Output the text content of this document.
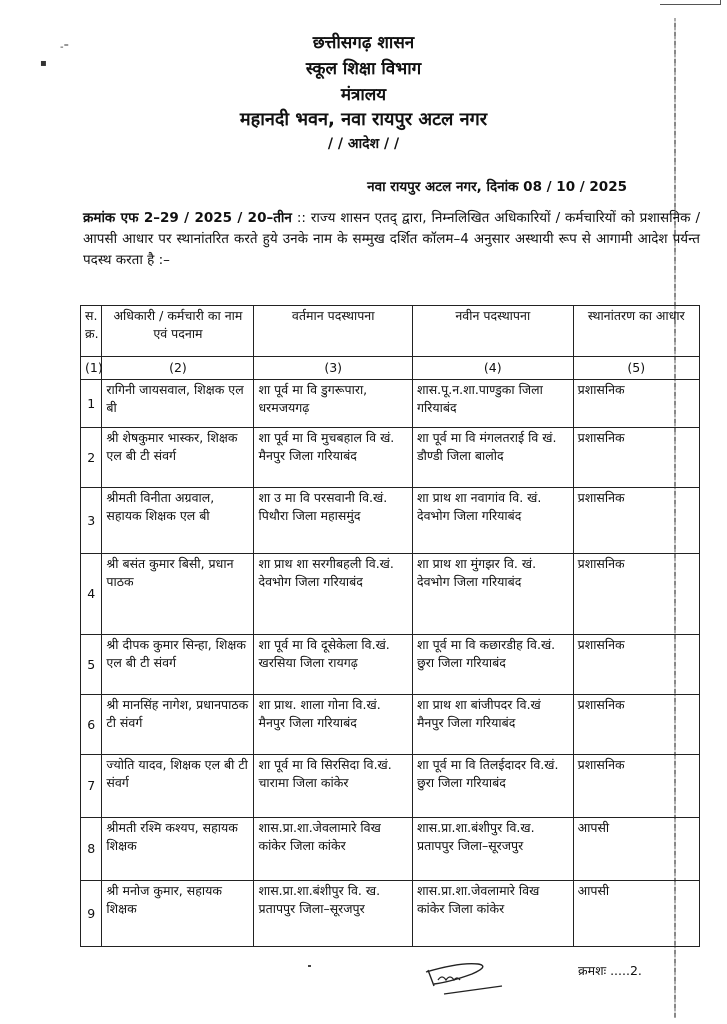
-⁼
▪
छत्तीसगढ़ शासन
स्कूल शिक्षा विभाग
मंत्रालय
महानदी भवन, नवा रायपुर अटल नगर
/ / आदेश / /
नवा रायपुर अटल नगर, दिनांक 08 / 10 / 2025
क्रमांक एफ 2–29 / 2025 / 20–तीन :: राज्य शासन एतद् द्वारा, निम्नलिखित अधिकारियों / कर्मचारियों को प्रशासनिक / आपसी आधार पर स्थानांतरित करते हुये उनके नाम के सम्मुख दर्शित कॉलम–4 अनुसार अस्थायी रूप से आगामी आदेश पर्यन्त पदस्थ करता है :–
स. क्र.	अधिकारी / कर्मचारी का नाम एवं पदनाम	वर्तमान पदस्थापना	नवीन पदस्थापना	स्थानांतरण का आधार
(1)	(2)	(3)	(4)	(5)
1	रागिनी जायसवाल, शिक्षक एल बी	शा पूर्व मा वि डुगरूपारा, धरमजयगढ़	शास.पू.न.शा.पाण्डुका जिला गरियाबंद	प्रशासनिक
2	श्री शेषकुमार भास्कर, शिक्षक एल बी टी संवर्ग	शा पूर्व मा वि मुचबहाल वि खं. मैनपुर जिला गरियाबंद	शा पूर्व मा वि मंगलतराई वि खं. डौण्डी जिला बालोद	प्रशासनिक
3	श्रीमती विनीता अग्रवाल, सहायक शिक्षक एल बी	शा उ मा वि परसवानी वि.खं. पिथौरा जिला महासमुंद	शा प्राथ शा नवागांव वि. खं. देवभोग जिला गरियाबंद	प्रशासनिक
4	श्री बसंत कुमार बिसी, प्रधान पाठक	शा प्राथ शा सरगीबहली वि.खं. देवभोग जिला गरियाबंद	शा प्राथ शा मुंगझर वि. खं. देवभोग जिला गरियाबंद	प्रशासनिक
5	श्री दीपक कुमार सिन्हा, शिक्षक एल बी टी संवर्ग	शा पूर्व मा वि दूसेकेला वि.खं. खरसिया जिला रायगढ़	शा पूर्व मा वि कछारडीह वि.खं. छुरा जिला गरियाबंद	प्रशासनिक
6	श्री मानसिंह नागेश, प्रधानपाठक टी संवर्ग	शा प्राथ. शाला गोना वि.खं. मैनपुर जिला गरियाबंद	शा प्राथ शा बांजीपदर वि.खं मैनपुर जिला गरियाबंद	प्रशासनिक
7	ज्योति यादव, शिक्षक एल बी टी संवर्ग	शा पूर्व मा वि सिरसिदा वि.खं. चारामा जिला कांकेर	शा पूर्व मा वि तिलईदादर वि.खं. छुरा जिला गरियाबंद	प्रशासनिक
8	श्रीमती रश्मि कश्यप, सहायक शिक्षक	शास.प्रा.शा.जेवलामारे विख कांकेर जिला कांकेर	शास.प्रा.शा.बंशीपुर वि.ख. प्रतापपुर जिला–सूरजपुर	आपसी
9	श्री मनोज कुमार, सहायक शिक्षक	शास.प्रा.शा.बंशीपुर वि. ख. प्रतापपुर जिला–सूरजपुर	शास.प्रा.शा.जेवलामारे विख कांकेर जिला कांकेर	आपसी
क्रमशः .....2.
